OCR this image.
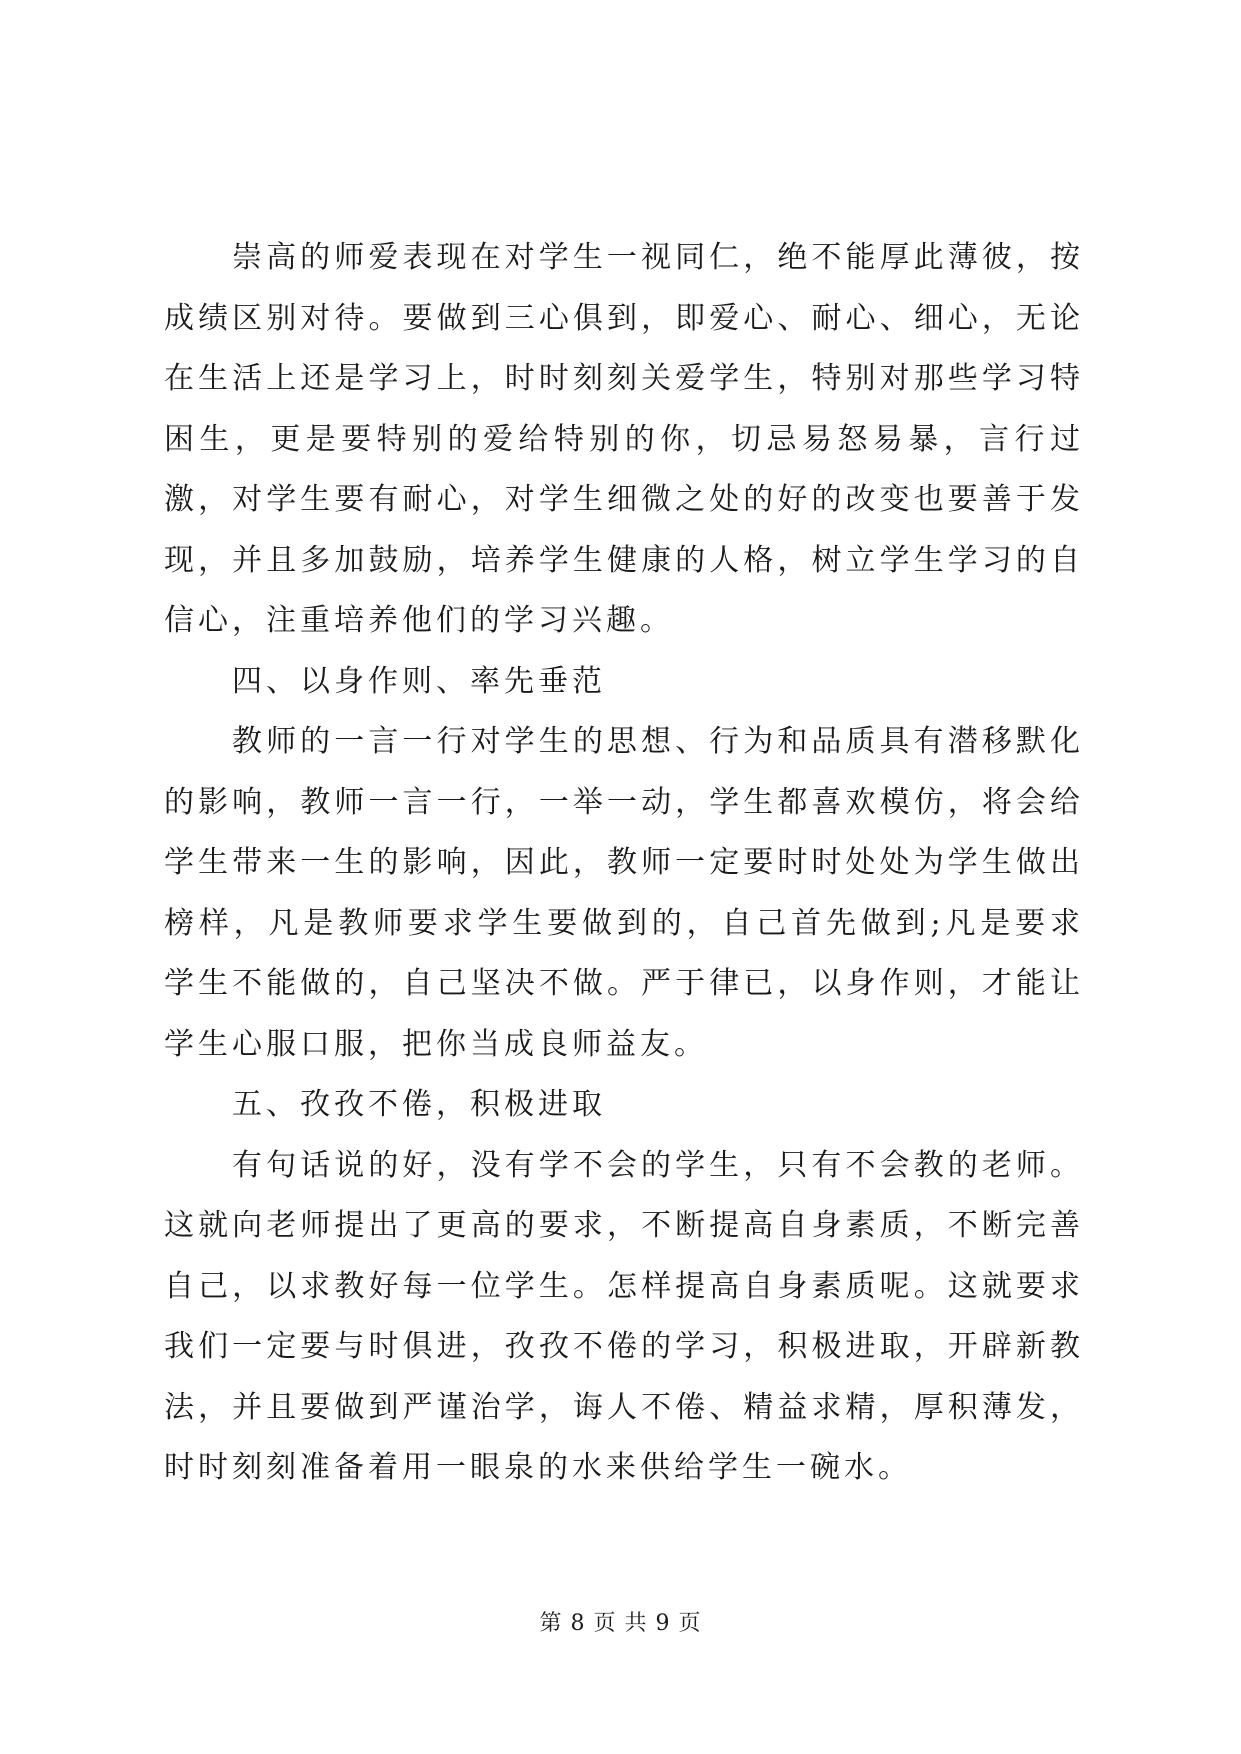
崇高的师爱表现在对学生一视同仁，绝不能厚此薄彼，按成绩区别对待。要做到三心俱到，即爱心、耐心、细心，无论在生活上还是学习上，时时刻刻关爱学生，特别对那些学习特困生，更是要特别的爱给特别的你，切忌易怒易暴，言行过激，对学生要有耐心，对学生细微之处的好的改变也要善于发现，并且多加鼓励，培养学生健康的人格，树立学生学习的自信心，注重培养他们的学习兴趣。

四、以身作则、率先垂范

教师的一言一行对学生的思想、行为和品质具有潜移默化的影响，教师一言一行，一举一动，学生都喜欢模仿，将会给学生带来一生的影响，因此，教师一定要时时处处为学生做出榜样，凡是教师要求学生要做到的，自己首先做到;凡是要求学生不能做的，自己坚决不做。严于律已，以身作则，才能让学生心服口服，把你当成良师益友。

五、孜孜不倦，积极进取

有句话说的好，没有学不会的学生，只有不会教的老师。这就向老师提出了更高的要求，不断提高自身素质，不断完善自己，以求教好每一位学生。怎样提高自身素质呢。这就要求我们一定要与时俱进，孜孜不倦的学习，积极进取，开辟新教法，并且要做到严谨治学，诲人不倦、精益求精，厚积薄发，时时刻刻准备着用一眼泉的水来供给学生一碗水。

第 8 页 共 9 页
